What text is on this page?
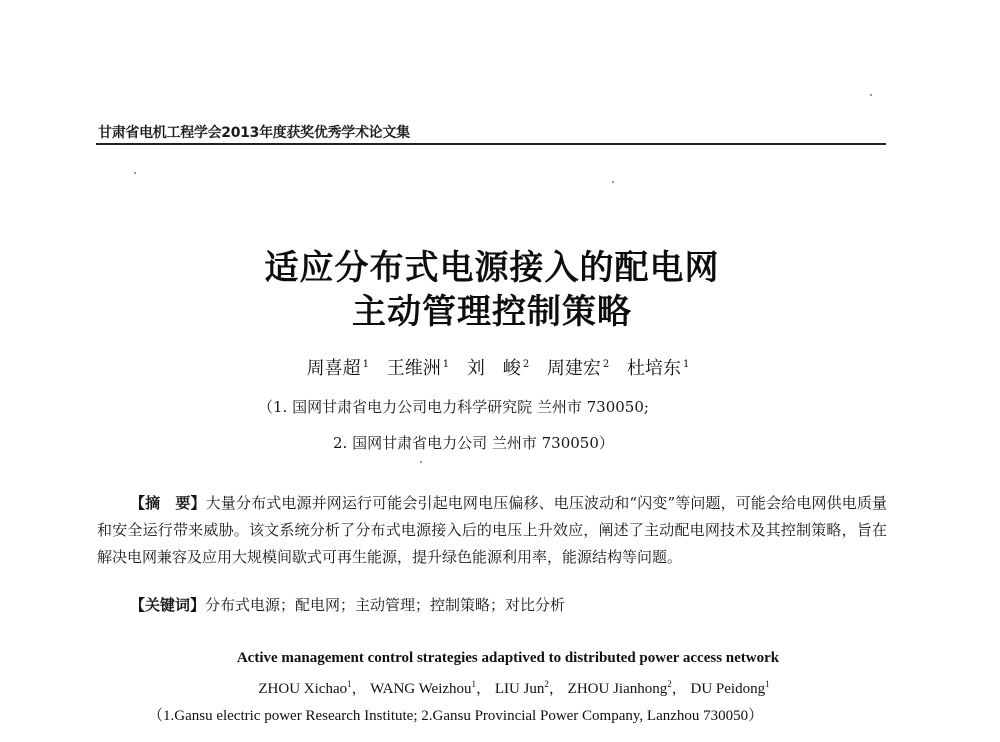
甘肃省电机工程学会2013年度获奖优秀学术论文集
适应分布式电源接入的配电网
主动管理控制策略
周喜超 $^1$ 王维洲 $^1$ 刘　峻 $^2$ 周建宏 $^2$ 杜培东 $^1$
（1. 国网甘肃省电力公司电力科学研究院 兰州市 730050;
2. 国网甘肃省电力公司 兰州市 730050）

【摘　要】大量分布式电源并网运行可能会引起电网电压偏移、电压波动和“闪变”等问题，可能会给电网供电质量和安全运行带来威胁。该文系统分析了分布式电源接入后的电压上升效应，阐述了主动配电网技术及其控制策略，旨在解决电网兼容及应用大规模间歇式可再生能源，提升绿色能源利用率，能源结构等问题。

【关键词】分布式电源；配电网；主动管理；控制策略；对比分析
Active management control strategies adaptived to distributed power access network
ZHOU Xichao$^1$， WANG Weizhou$^1$， LIU Jun$^2$， ZHOU Jianhong$^2$， DU Peidong$^1$
（1.Gansu electric power Research Institute; 2.Gansu Provincial Power Company, Lanzhou 730050）
